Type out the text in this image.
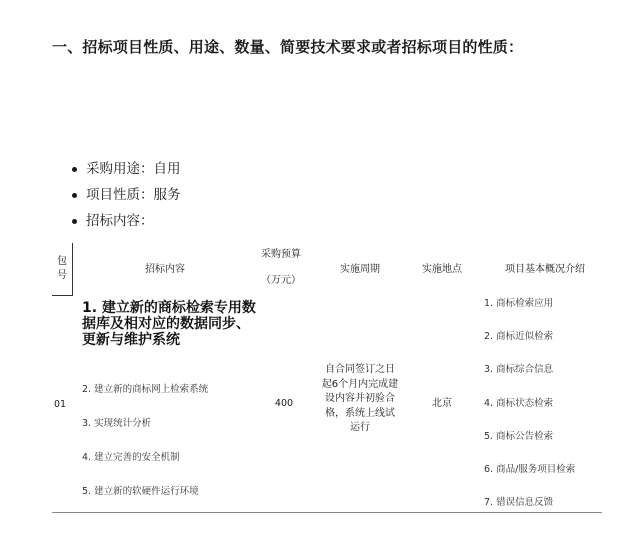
一、招标项目性质、用途、数量、简要技术要求或者招标项目的性质：
采购用途：自用
项目性质：服务
招标内容：
包
号
招标内容
采购预算
（万元）
实施周期	实施地点	项目基本概况介绍
01
1. 建立新的商标检索专用数据库及相对应的数据同步、更新与维护系统
2. 建立新的商标网上检索系统
3. 实现统计分析
4. 建立完善的安全机制
5. 建立新的软硬件运行环境
400
自合同签订之日
起6个月内完成建
设内容并初验合
格，系统上线试
运行
北京
1. 商标检索应用
2. 商标近似检索
3. 商标综合信息
4. 商标状态检索
5. 商标公告检索
6. 商品/服务项目检索
7. 错误信息反馈
